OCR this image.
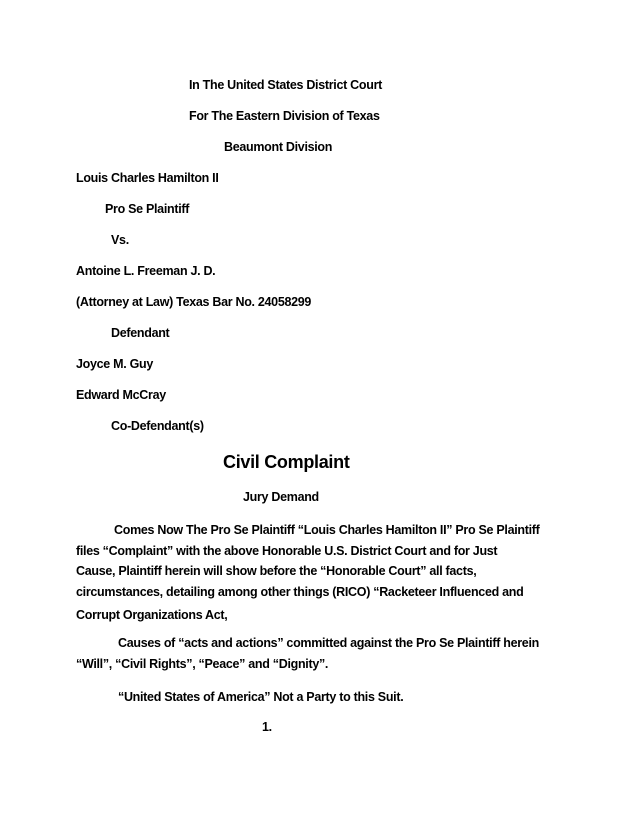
In The United States District Court
For The Eastern Division of Texas
Beaumont Division
Louis Charles Hamilton II
Pro Se Plaintiff
Vs.
Antoine L. Freeman J. D.
(Attorney at Law) Texas Bar No. 24058299
Defendant
Joyce M. Guy
Edward McCray
Co-Defendant(s)
Civil Complaint
Jury Demand
Comes Now The Pro Se Plaintiff “Louis Charles Hamilton II” Pro Se Plaintiff
files “Complaint” with the above Honorable U.S. District Court and for Just
Cause, Plaintiff herein will show before the “Honorable Court” all facts,
circumstances, detailing among other things (RICO) “Racketeer Influenced and
Corrupt Organizations Act,
Causes of “acts and actions” committed against the Pro Se Plaintiff herein
“Will”, “Civil Rights”, “Peace” and “Dignity”.
“United States of America” Not a Party to this Suit.
1.
